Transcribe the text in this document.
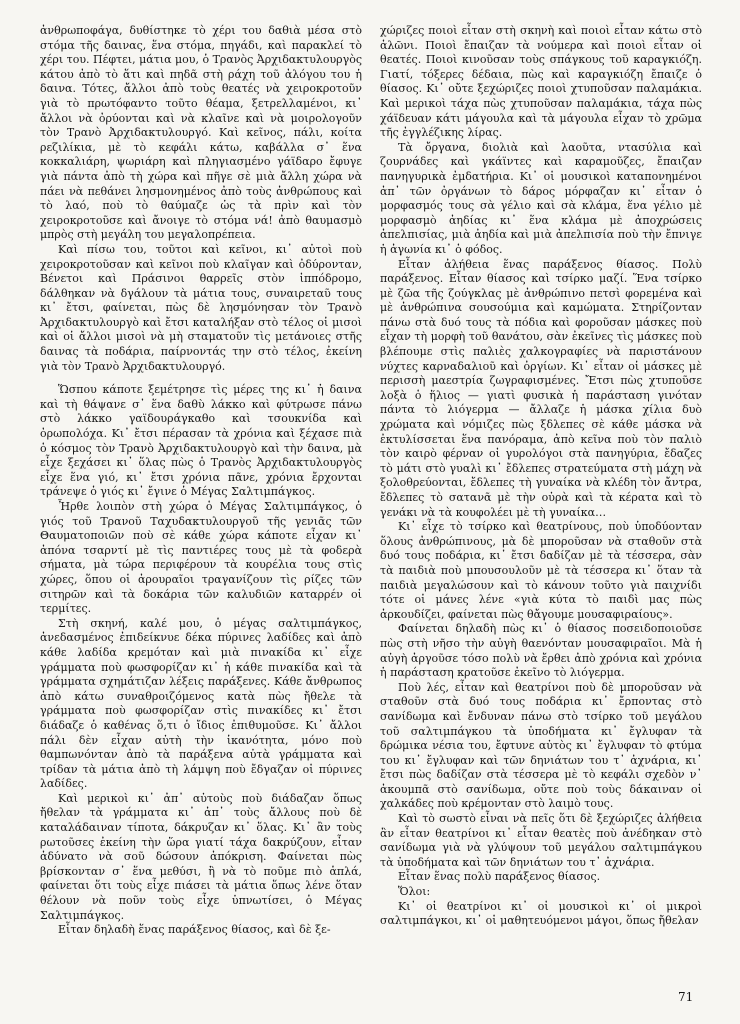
ἀνθρωποφάγα, δυθίστηκε τὸ χέρι του δαθιὰ μέσα στὸ στόμα τῆς δαινας, ἕνα στόμα, πηγάδι, καὶ παρακλεί τὸ χέρι του. Πέφτει, μάτια μου, ὁ Τρανὸς Ἀρχιδακτυλουργὸς κάτου ἀπὸ τὸ ἅτι καὶ πηδᾶ στὴ ράχη τοῦ ἀλόγου του ἡ δαινα. Τότες, ἄλλοι ἀπὸ τοὺς θεατές νὰ χειροκροτοῦν γιὰ τὸ πρωτόφαντο τοῦτο θέαμα, ξετρελλαμένοι, κι᾿ ἄλλοι νὰ ὀρύονται καὶ νὰ κλαῖνε καὶ νὰ μοιρολογοῦν τὸν Τρανὸ Ἀρχιδακτυλουργό. Καὶ κεῖνος, πάλι, κοίτα ρεζιλίκια, μὲ τὸ κεφάλι κάτω, καβάλλα σ᾿ ἕνα κοκκαλιάρη, ψωριάρη καὶ πληγιασμένο γάϊδαρο ἔφυγε γιὰ πάντα ἀπὸ τὴ χώρα καὶ πῆγε σὲ μιὰ ἄλλη χώρα νὰ πάει νὰ πεθάνει λησμονημένος ἀπὸ τοὺς ἀνθρώπους καὶ τὸ λαό, ποὺ τὸ θαύμαζε ὡς τὰ πρὶν καὶ τὸν χειροκροτοῦσε καὶ ἄνοιγε τὸ στόμα νά! ἀπὸ θαυμασμὸ μπρὸς στὴ μεγάλη του μεγαλοπρέπεια.

Καὶ πίσω του, τοῦτοι καὶ κεῖνοι, κι᾿ αὐτοὶ ποὺ χειροκροτοῦσαν καὶ κεῖνοι ποὺ κλαῖγαν καὶ ὀδύρονταν, Βένετοι καὶ Πράσινοι θαρρεῖς στὸν ἱππόδρομο, δάλθηκαν νὰ δγάλουν τὰ μάτια τους, συναιρεταῦ τους κι᾿ ἔτσι, φαίνεται, πὼς δὲ λησμόνησαν τὸν Τρανὸ Ἀρχιδακτυλουργὸ καὶ ἔτσι καταλήξαν στὸ τέλος οἱ μισοὶ καὶ οἱ ἄλλοι μισοὶ νὰ μὴ σταματοῦν τὶς μετάνοιες στῆς δαινας τὰ ποδάρια, παίρνοντάς την στὸ τέλος, ἐκείνη γιὰ τὸν Τρανὸ Ἀρχιδακτυλουργό.

Ὥσπου κάποτε ξεμέτρησε τὶς μέρες της κι᾿ ἡ δαινα καὶ τὴ θάψανε σ᾿ ἕνα δαθὺ λάκκο καὶ φύτρωσε πάνω στὸ λάκκο γαϊδουράγκαθο καὶ τσουκνίδα καὶ ὀρωπολόχα. Κι᾿ ἔτσι πέρασαν τὰ χρόνια καὶ ξέχασε πιὰ ὁ κόσμος τὸν Τρανὸ Ἀρχιδακτυλουργὸ καὶ τὴν δαινα, μὰ εἶχε ξεχάσει κι᾿ ὅλας πὼς ὁ Τρανὸς Ἀρχιδακτυλουργὸς εἶχε ἕνα γιό, κι᾿ ἔτσι χρόνια πᾶνε, χρόνια ἔρχονται τράνεψε ὁ γιός κι᾿ ἔγινε ὁ Μέγας Σαλτιμπάγκος.

Ἦρθε λοιπὸν στὴ χώρα ὁ Μέγας Σαλτιμπάγκος, ὁ γιός τοῦ Τρανοῦ Ταχυδακτυλουργοῦ τῆς γενιᾶς τῶν Θαυματοποιῶν ποὺ σὲ κάθε χώρα κάποτε εἶχαν κι᾿ ἀπόνα τσαρντί μὲ τὶς παντιέρες τους μὲ τὰ φοδερὰ σήματα, μὰ τώρα περιφέρουν τὰ κουρέλια τους στὶς χώρες, ὅπου οἱ ἀρουραῖοι τραγανίζουν τὶς ρίζες τῶν σιτηρῶν καὶ τὰ δοκάρια τῶν καλυδιῶν καταρρέν οἱ τερμίτες.

Στὴ σκηνή, καλέ μου, ὁ μέγας σαλτιμπάγκος, ἀνεδασμένος ἐπιδείκνυε δέκα πύρινες λαδίδες καὶ ἀπὸ κάθε λαδίδα κρεμόταν καὶ μιὰ πινακίδα κι᾿ εἶχε γράμματα ποὺ φωσφορίζαν κι᾿ ἡ κάθε πινακίδα καὶ τὰ γράμματα σχημάτιζαν λέξεις παράξενες. Κάθε ἄνθρωπος ἀπὸ κάτω συναθροιζόμενος κατὰ πὼς ἤθελε τὰ γράμματα ποὺ φωσφορίζαν στὶς πινακίδες κι᾿ ἔτσι διάδαζε ὁ καθένας ὅ,τι ὁ ἴδιος ἐπιθυμοῦσε. Κι᾿ ἄλλοι πάλι δὲν εἶχαν αὐτὴ τὴν ἱκανότητα, μόνο ποὺ θαμπωνόνταν ἀπὸ τὰ παράξενα αὐτὰ γράμματα καὶ τρίδαν τὰ μάτια ἀπὸ τὴ λάμψη ποὺ ἔδγαζαν οἱ πύρινες λαδίδες.

Καὶ μερικοὶ κι᾿ ἀπ᾿ αὐτοὺς ποὺ διάδαζαν ὅπως ἤθελαν τὰ γράμματα κι᾿ ἀπ᾿ τοὺς ἄλλους ποὺ δὲ καταλάδαιναν τίποτα, δάκρυζαν κι᾿ ὅλας. Κι᾿ ἂν τοὺς ρωτοῦσες ἐκείνη τὴν ὥρα γιατί τάχα δακρύζουν, εἶταν ἀδύνατο νὰ σοῦ δώσουν ἀπόκριση. Φαίνεται πὼς βρίσκονταν σ᾿ ἕνα μεθύσι, ἢ νὰ τὸ ποῦμε πιὸ ἁπλά, φαίνεται ὅτι τοὺς εἶχε πιάσει τὰ μάτια ὅπως λένε ὅταν θέλουν νὰ ποῦν τοὺς εἶχε ὑπνωτίσει, ὁ Μέγας Σαλτιμπάγκος.

Εἶταν δηλαδὴ ἕνας παράξενος θίασος, καὶ δὲ ξε-

χώριζες ποιοὶ εἶταν στὴ σκηνὴ καὶ ποιοὶ εἶταν κάτω στὸ ἁλῶνι. Ποιοὶ ἔπαιζαν τὰ νούμερα καὶ ποιοὶ εἶταν οἱ θεατές. Ποιοὶ κινοῦσαν τοὺς σπάγκους τοῦ καραγκιόζη. Γιατί, τόξερες δέδαια, πὼς καὶ καραγκιόζη ἔπαιζε ὁ θίασος. Κι᾿ οὔτε ξεχώριζες ποιοὶ χτυποῦσαν παλαμάκια. Καὶ μερικοὶ τάχα πὼς χτυποῦσαν παλαμάκια, τάχα πὼς χάϊδευαν κάτι μάγουλα καὶ τὰ μάγουλα εἶχαν τὸ χρῶμα τῆς ἐγγλέζικης λίρας.

Τὰ ὄργανα, διολιὰ καὶ λαοῦτα, ντασύλια καὶ ζουρνάδες καὶ γκάϊντες καὶ καραμοῦζες, ἔπαιζαν πανηγυρικὰ ἐμδατήρια. Κι᾿ οἱ μουσικοὶ καταπονημένοι ἀπ᾿ τῶν ὀργάνων τὸ δάρος μόρφαζαν κι᾿ εἶταν ὁ μορφασμός τους σὰ γέλιο καὶ σὰ κλάμα, ἕνα γέλιο μὲ μορφασμὸ ἀηδίας κι᾿ ἕνα κλάμα μὲ ἀποχρώσεις ἀπελπισίας, μιὰ ἀηδία καὶ μιὰ ἀπελπισία ποὺ τὴν ἔπνιγε ἡ ἀγωνία κι᾿ ὁ φόδος.

Εἶταν ἀλήθεια ἕνας παράξενος θίασος. Πολὺ παράξενος. Εἶταν θίασος καὶ τσίρκο μαζί. Ἕνα τσίρκο μὲ ζῶα τῆς ζούγκλας μὲ ἀνθρώπινο πετσὶ φορεμένα καὶ μὲ ἀνθρώπινα σουσούμια καὶ καμώματα. Στηρίζονταν πάνω στὰ δυό τους τὰ πόδια καὶ φοροῦσαν μάσκες ποὺ εἶχαν τὴ μορφὴ τοῦ θανάτου, σὰν ἐκεῖνες τὶς μάσκες ποὺ βλέπουμε στὶς παλιὲς χαλκογραφίες νὰ παριστάνουν νύχτες καρναδαλιοῦ καὶ ὀργίων. Κι᾿ εἶταν οἱ μάσκες μὲ περισσὴ μαεστρία ζωγραφισμένες. Ἔτσι πὼς χτυποῦσε λοξὰ ὁ ἥλιος — γιατὶ φυσικὰ ἡ παράσταση γινόταν πάντα τὸ λιόγερμα — ἄλλαζε ἡ μάσκα χίλια δυὸ χρώματα καὶ νόμιζες πὼς ξδλεπες σὲ κάθε μάσκα νὰ ἐκτυλίσσεται ἕνα πανόραμα, ἀπὸ κεῖνα ποὺ τὸν παλιὸ τὸν καιρὸ φέρναν οἱ γυρολόγοι στὰ πανηγύρια, ἔδαζες τὸ μάτι στὸ γυαλὶ κι᾿ ἔδλεπες στρατεύματα στὴ μάχη νὰ ξολοθρεύονται, ἔδλεπες τὴ γυναίκα νὰ κλέδη τὸν ἄντρα, ἔδλεπες τὸ σατανᾶ μὲ τὴν οὐρὰ καὶ τὰ κέρατα καὶ τὸ γενάκι νὰ τὰ κουφολέει μὲ τὴ γυναίκα…

Κι᾿ εἶχε τὸ τσίρκο καὶ θεατρίνους, ποὺ ὑποδύονταν ὅλους ἀνθρώπινους, μὰ δὲ μποροῦσαν νὰ σταθοῦν στὰ δυό τους ποδάρια, κι᾿ ἔτσι δαδίζαν μὲ τὰ τέσσερα, σὰν τὰ παιδιὰ ποὺ μπουσουλοῦν μὲ τὰ τέσσερα κι᾿ ὅταν τὰ παιδιὰ μεγαλώσουν καὶ τὸ κάνουν τοῦτο γιὰ παιχνίδι τότε οἱ μάνες λένε «γιὰ κύτα τὸ παιδὶ μας πὼς ἀρκουδίζει, φαίνεται πὼς θἄγουμε μουσαφιραίους».

Φαίνεται δηλαδὴ πὼς κι᾿ ὁ θίασος ποσειδοποιοῦσε πὼς στὴ νῆσο τὴν αὐγὴ θαενόνταν μουσαφιραῖοι. Μὰ ἡ αὐγὴ ἀργοῦσε τόσο πολὺ νὰ ἔρθει ἀπὸ χρόνια καὶ χρόνια ἡ παράσταση κρατοῦσε ἐκεῖνο τὸ λιόγερμα.

Ποὺ λές, εἶταν καὶ θεατρίνοι ποὺ δὲ μποροῦσαν νὰ σταθοῦν στὰ δυό τους ποδάρια κι᾿ ἔρποντας στὸ σανίδωμα καὶ ἔνδυναν πάνω στὸ τσίρκο τοῦ μεγάλου τοῦ σαλτιμπάγκου τὰ ὑποδήματα κι᾿ ἔγλυφαν τὰ δρώμικα νέσια του, ἔφτυνε αὐτὸς κι᾿ ἔγλυφαν τὸ φτύμα του κι᾿ ἔγλυφαν καὶ τῶν δηνιάτων του τ᾿ ἀχνάρια, κι᾿ ἔτσι πὼς δαδίζαν στὰ τέσσερα μὲ τὸ κεφάλι σχεδὸν ν᾿ ἀκουμπᾶ στὸ σανίδωμα, οὔτε ποὺ τοὺς δάκαιναν οἱ χαλκάδες ποὺ κρέμονταν στὸ λαιμὸ τους.

Καὶ τὸ σωστὸ εἶναι νὰ πεῖς ὅτι δὲ ξεχώριζες ἀλήθεια ἂν εἶταν θεατρίνοι κι᾿ εἶταν θεατὲς ποὺ ἀνέδηκαν στὸ σανίδωμα γιὰ νὰ γλύψουν τοῦ μεγάλου σαλτιμπάγκου τὰ ὑποδήματα καὶ τῶν δηνιάτων του τ᾿ ἀχνάρια.

Εἶταν ἕνας πολὺ παράξενος θίασος.

Ὅλοι:

Κι᾿ οἱ θεατρίνοι κι᾿ οἱ μουσικοὶ κι᾿ οἱ μικροὶ σαλτιμπάγκοι, κι᾿ οἱ μαθητευόμενοι μάγοι, ὅπως ἤθελαν

71
